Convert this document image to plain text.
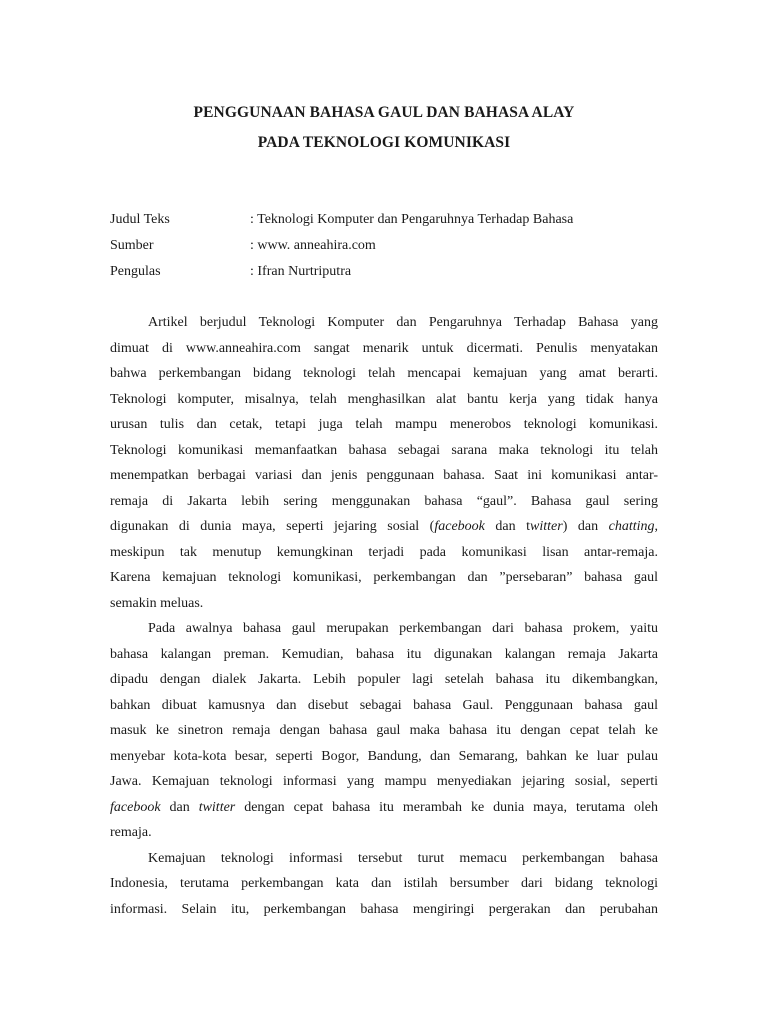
PENGGUNAAN BAHASA GAUL DAN BAHASA ALAY
PADA TEKNOLOGI KOMUNIKASI
Judul Teks	: Teknologi Komputer dan Pengaruhnya Terhadap Bahasa
Sumber	: www. anneahira.com
Pengulas	: Ifran Nurtriputra
Artikel berjudul Teknologi Komputer dan Pengaruhnya Terhadap Bahasa yang
dimuat di www.anneahira.com sangat menarik untuk dicermati. Penulis menyatakan
bahwa perkembangan bidang teknologi telah mencapai kemajuan yang amat berarti.
Teknologi komputer, misalnya, telah menghasilkan alat bantu kerja yang tidak hanya
urusan tulis dan cetak, tetapi juga telah mampu menerobos teknologi komunikasi.
Teknologi komunikasi memanfaatkan bahasa sebagai sarana maka teknologi itu telah
menempatkan berbagai variasi dan jenis penggunaan bahasa. Saat ini komunikasi antar-
remaja di Jakarta lebih sering menggunakan bahasa “gaul”. Bahasa gaul sering
digunakan di dunia maya, seperti jejaring sosial (facebook dan twitter) dan chatting,
meskipun tak menutup kemungkinan terjadi pada komunikasi lisan antar-remaja.
Karena kemajuan teknologi komunikasi, perkembangan dan ”persebaran” bahasa gaul
semakin meluas.
Pada awalnya bahasa gaul merupakan perkembangan dari bahasa prokem, yaitu
bahasa kalangan preman. Kemudian, bahasa itu digunakan kalangan remaja Jakarta
dipadu dengan dialek Jakarta. Lebih populer lagi setelah bahasa itu dikembangkan,
bahkan dibuat kamusnya dan disebut sebagai bahasa Gaul. Penggunaan bahasa gaul
masuk ke sinetron remaja dengan bahasa gaul maka bahasa itu dengan cepat telah ke
menyebar kota-kota besar, seperti Bogor, Bandung, dan Semarang, bahkan ke luar pulau
Jawa. Kemajuan teknologi informasi yang mampu menyediakan jejaring sosial, seperti
facebook dan twitter dengan cepat bahasa itu merambah ke dunia maya, terutama oleh
remaja.
Kemajuan teknologi informasi tersebut turut memacu perkembangan bahasa
Indonesia, terutama perkembangan kata dan istilah bersumber dari bidang teknologi
informasi. Selain itu, perkembangan bahasa mengiringi pergerakan dan perubahan
